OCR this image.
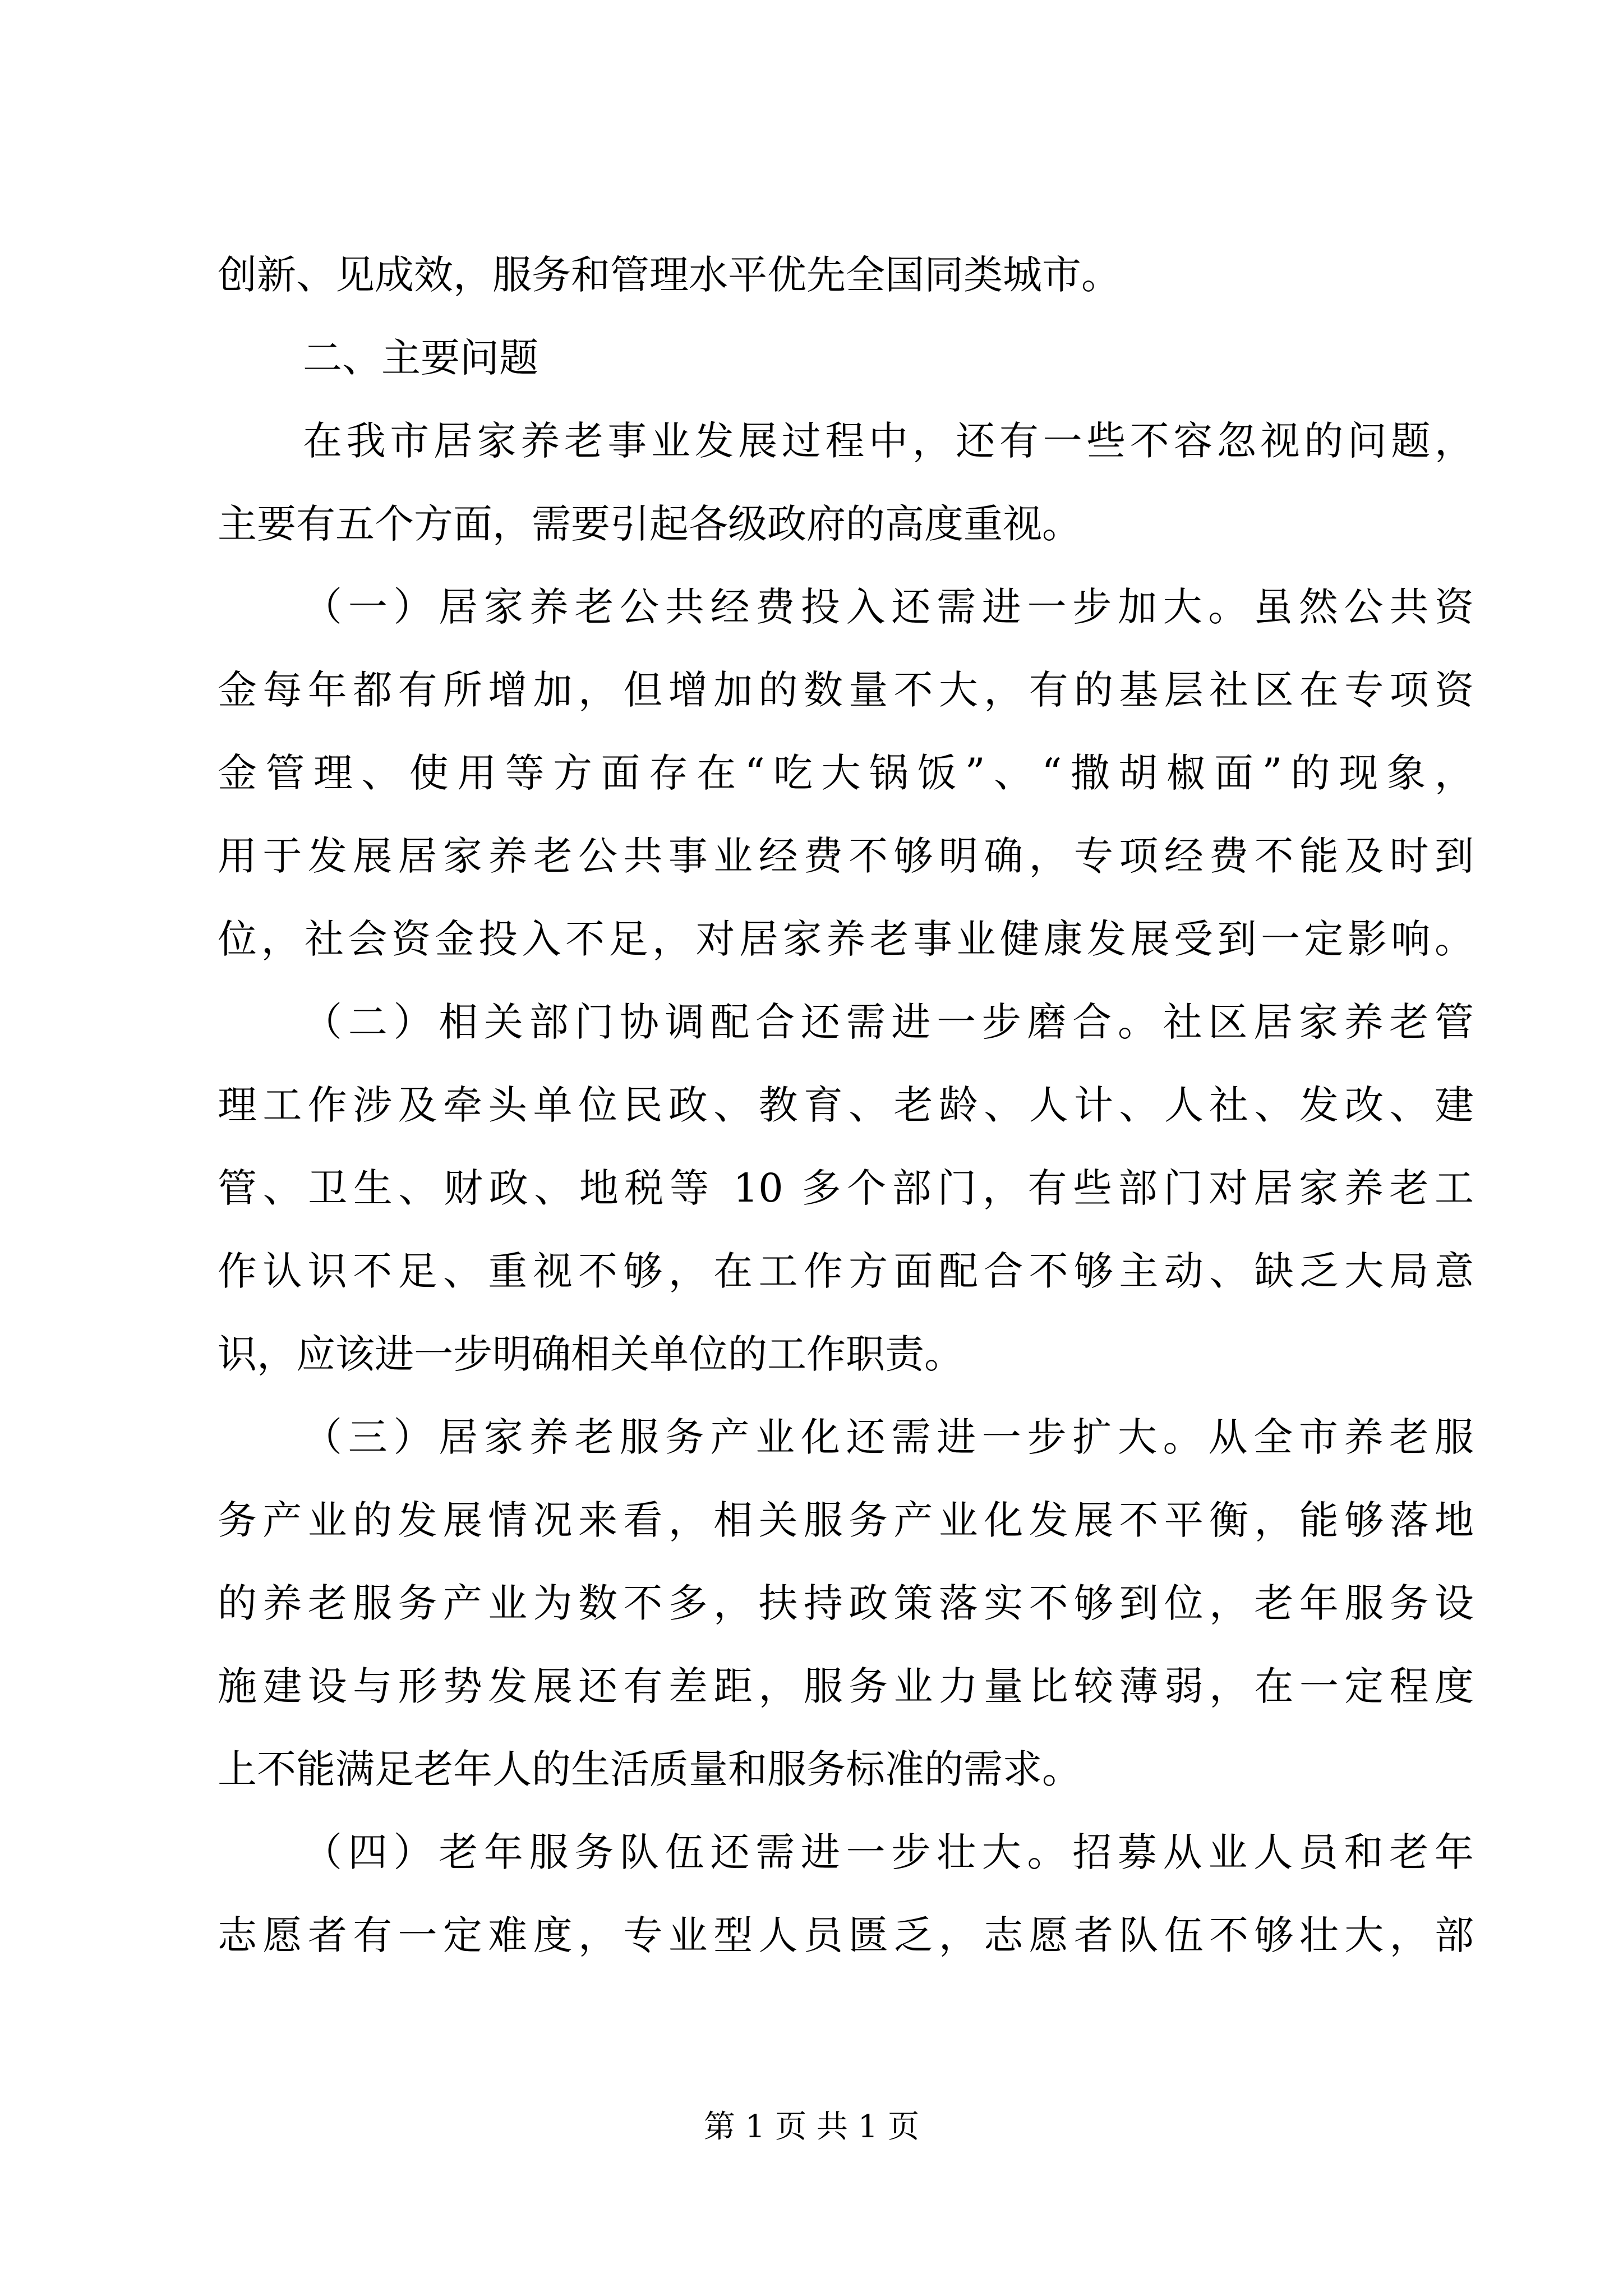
创新、见成效，服务和管理水平优先全国同类城市。
二、主要问题
在我市居家养老事业发展过程中，还有一些不容忽视的问题，
主要有五个方面，需要引起各级政府的高度重视。
（一）居家养老公共经费投入还需进一步加大。虽然公共资
金每年都有所增加，但增加的数量不大，有的基层社区在专项资
金管理、使用等方面存在“吃大锅饭”、“撒胡椒面”的现象，
用于发展居家养老公共事业经费不够明确，专项经费不能及时到
位，社会资金投入不足，对居家养老事业健康发展受到一定影响。
（二）相关部门协调配合还需进一步磨合。社区居家养老管
理工作涉及牵头单位民政、教育、老龄、人计、人社、发改、建
管、卫生、财政、地税等 10 多个部门，有些部门对居家养老工
作认识不足、重视不够，在工作方面配合不够主动、缺乏大局意
识，应该进一步明确相关单位的工作职责。
（三）居家养老服务产业化还需进一步扩大。从全市养老服
务产业的发展情况来看，相关服务产业化发展不平衡，能够落地
的养老服务产业为数不多，扶持政策落实不够到位，老年服务设
施建设与形势发展还有差距，服务业力量比较薄弱，在一定程度
上不能满足老年人的生活质量和服务标准的需求。
（四）老年服务队伍还需进一步壮大。招募从业人员和老年
志愿者有一定难度，专业型人员匮乏，志愿者队伍不够壮大，部
第 1 页 共 1 页
